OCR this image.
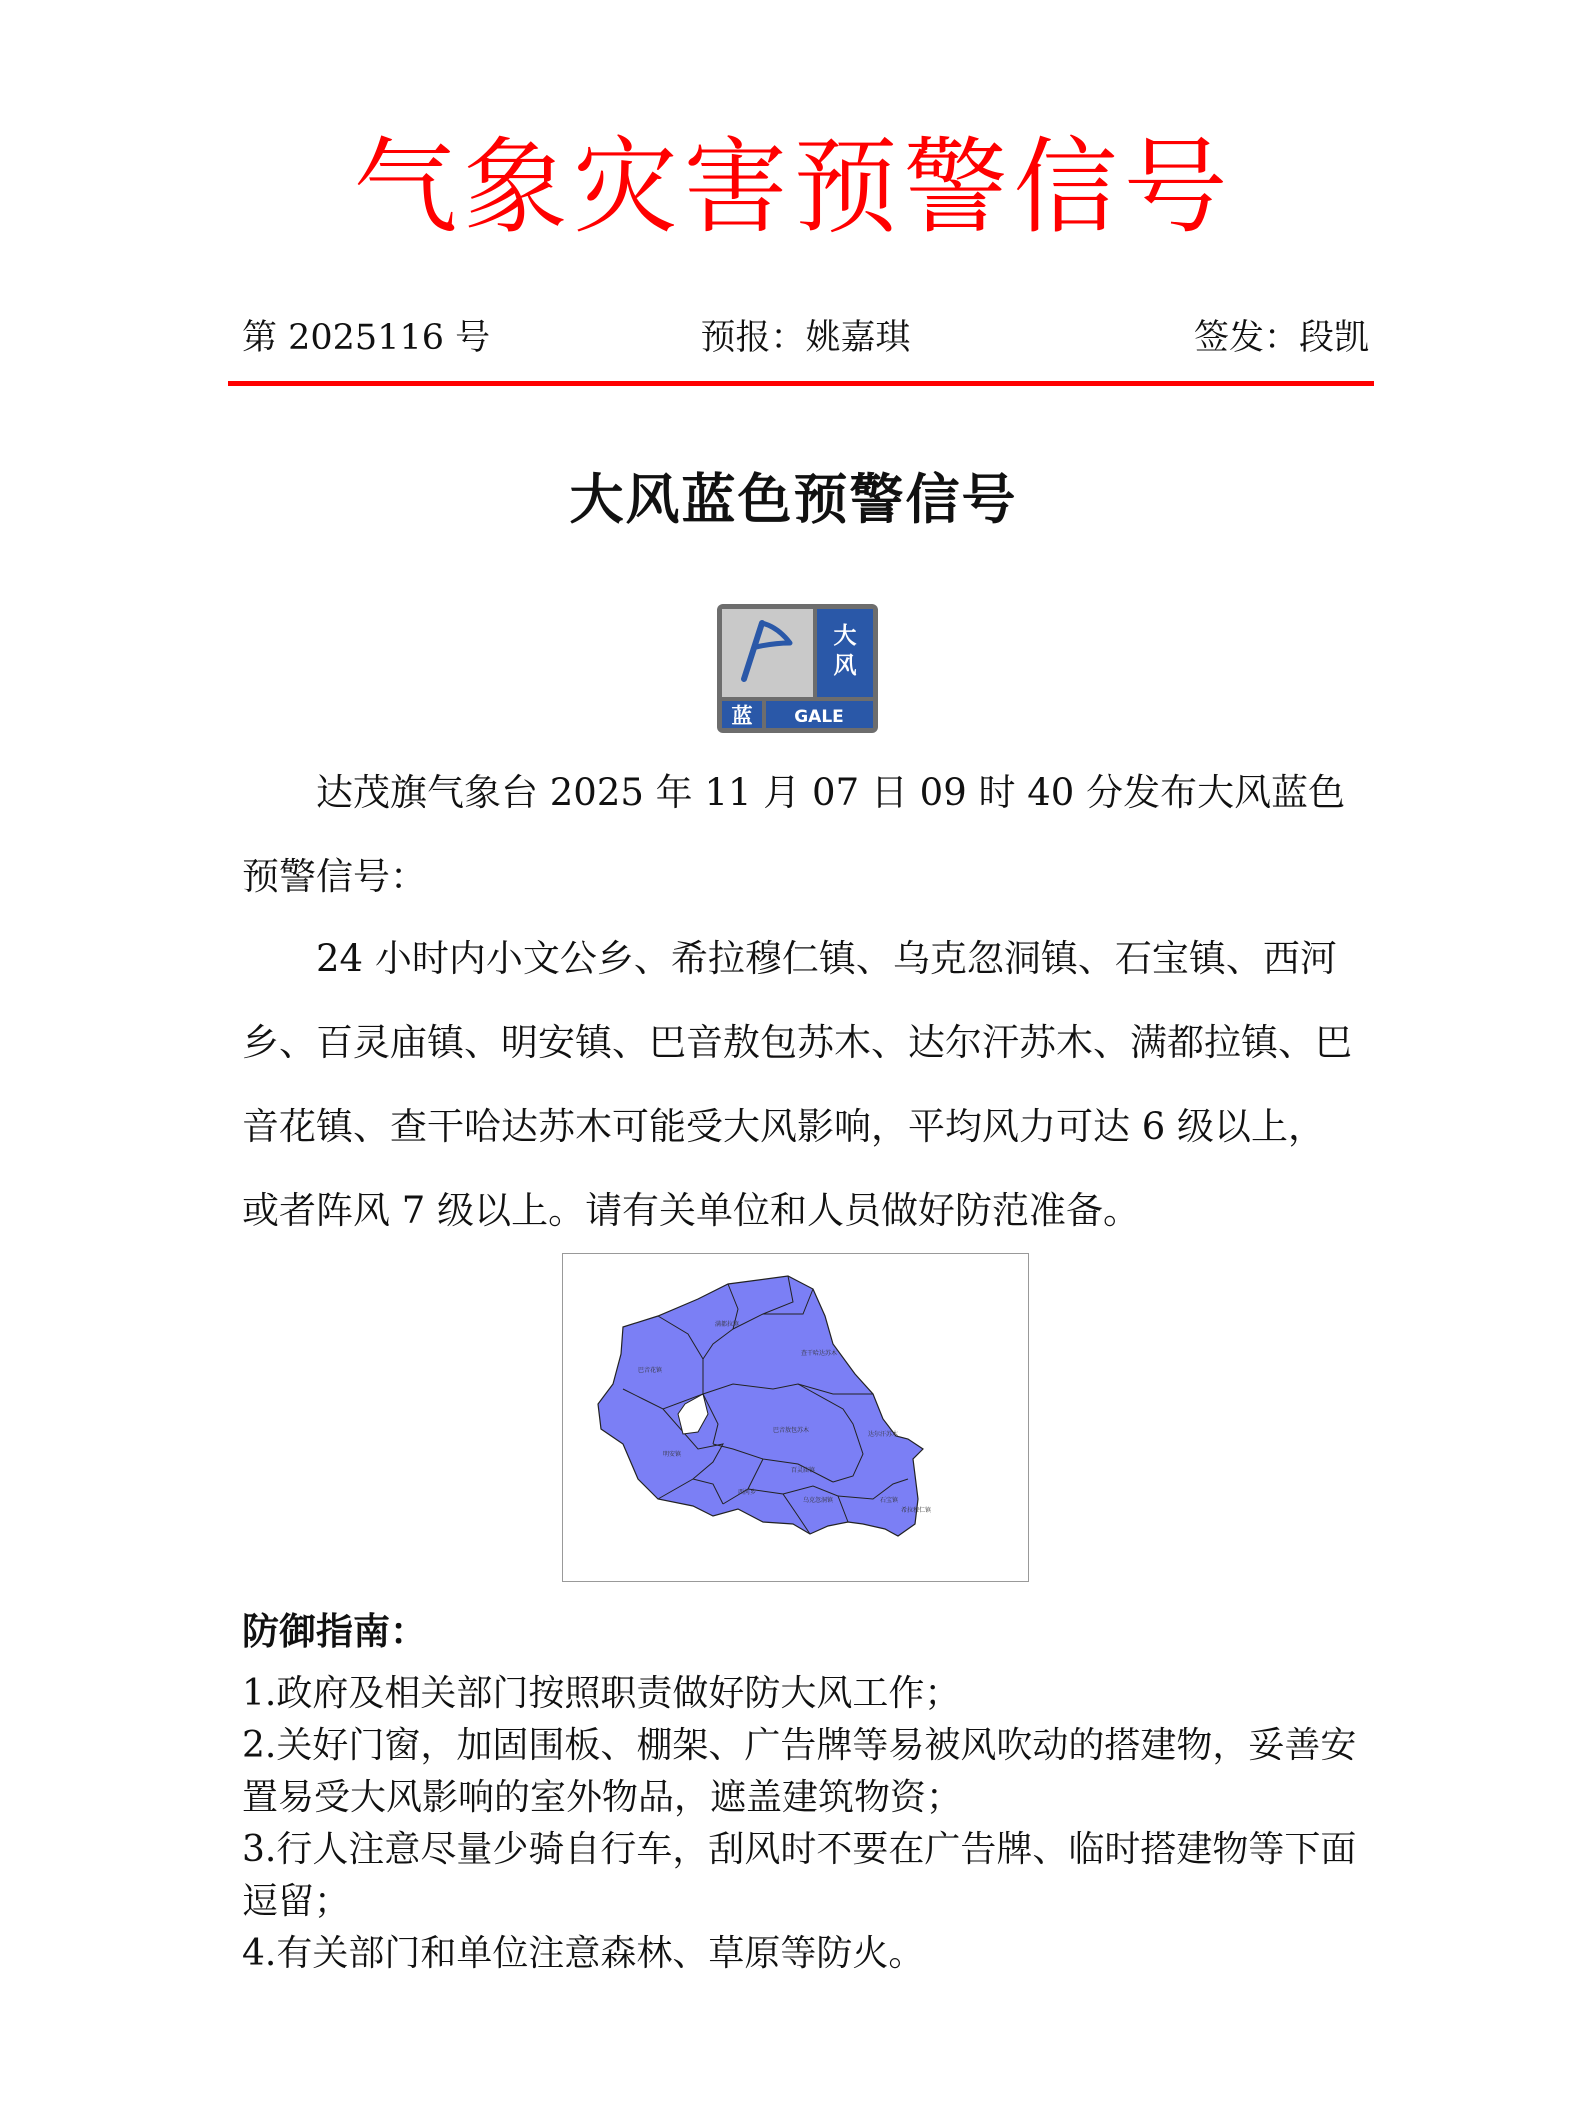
气象灾害预警信号
第 2025116 号	预报：姚嘉琪	签发：段凯
大风蓝色预警信号
大
风
蓝 GALE

达茂旗气象台 2025 年 11 月 07 日 09 时 40 分发布大风蓝色预警信号：

24 小时内小文公乡、希拉穆仁镇、乌克忽洞镇、石宝镇、西河乡、百灵庙镇、明安镇、巴音敖包苏木、达尔汗苏木、满都拉镇、巴音花镇、查干哈达苏木可能受大风影响，平均风力可达 6 级以上，或者阵风 7 级以上。请有关单位和人员做好防范准备。

满都拉镇
查干哈达苏木
巴音花镇
巴音敖包苏木
达尔汗苏木
明安镇
百灵庙镇
西河乡
乌克忽洞镇	石宝镇
希拉穆仁镇
防御指南：
1.政府及相关部门按照职责做好防大风工作；
2.关好门窗，加固围板、棚架、广告牌等易被风吹动的搭建物，妥善安置易受大风影响的室外物品，遮盖建筑物资；
3.行人注意尽量少骑自行车，刮风时不要在广告牌、临时搭建物等下面逗留；
4.有关部门和单位注意森林、草原等防火。
